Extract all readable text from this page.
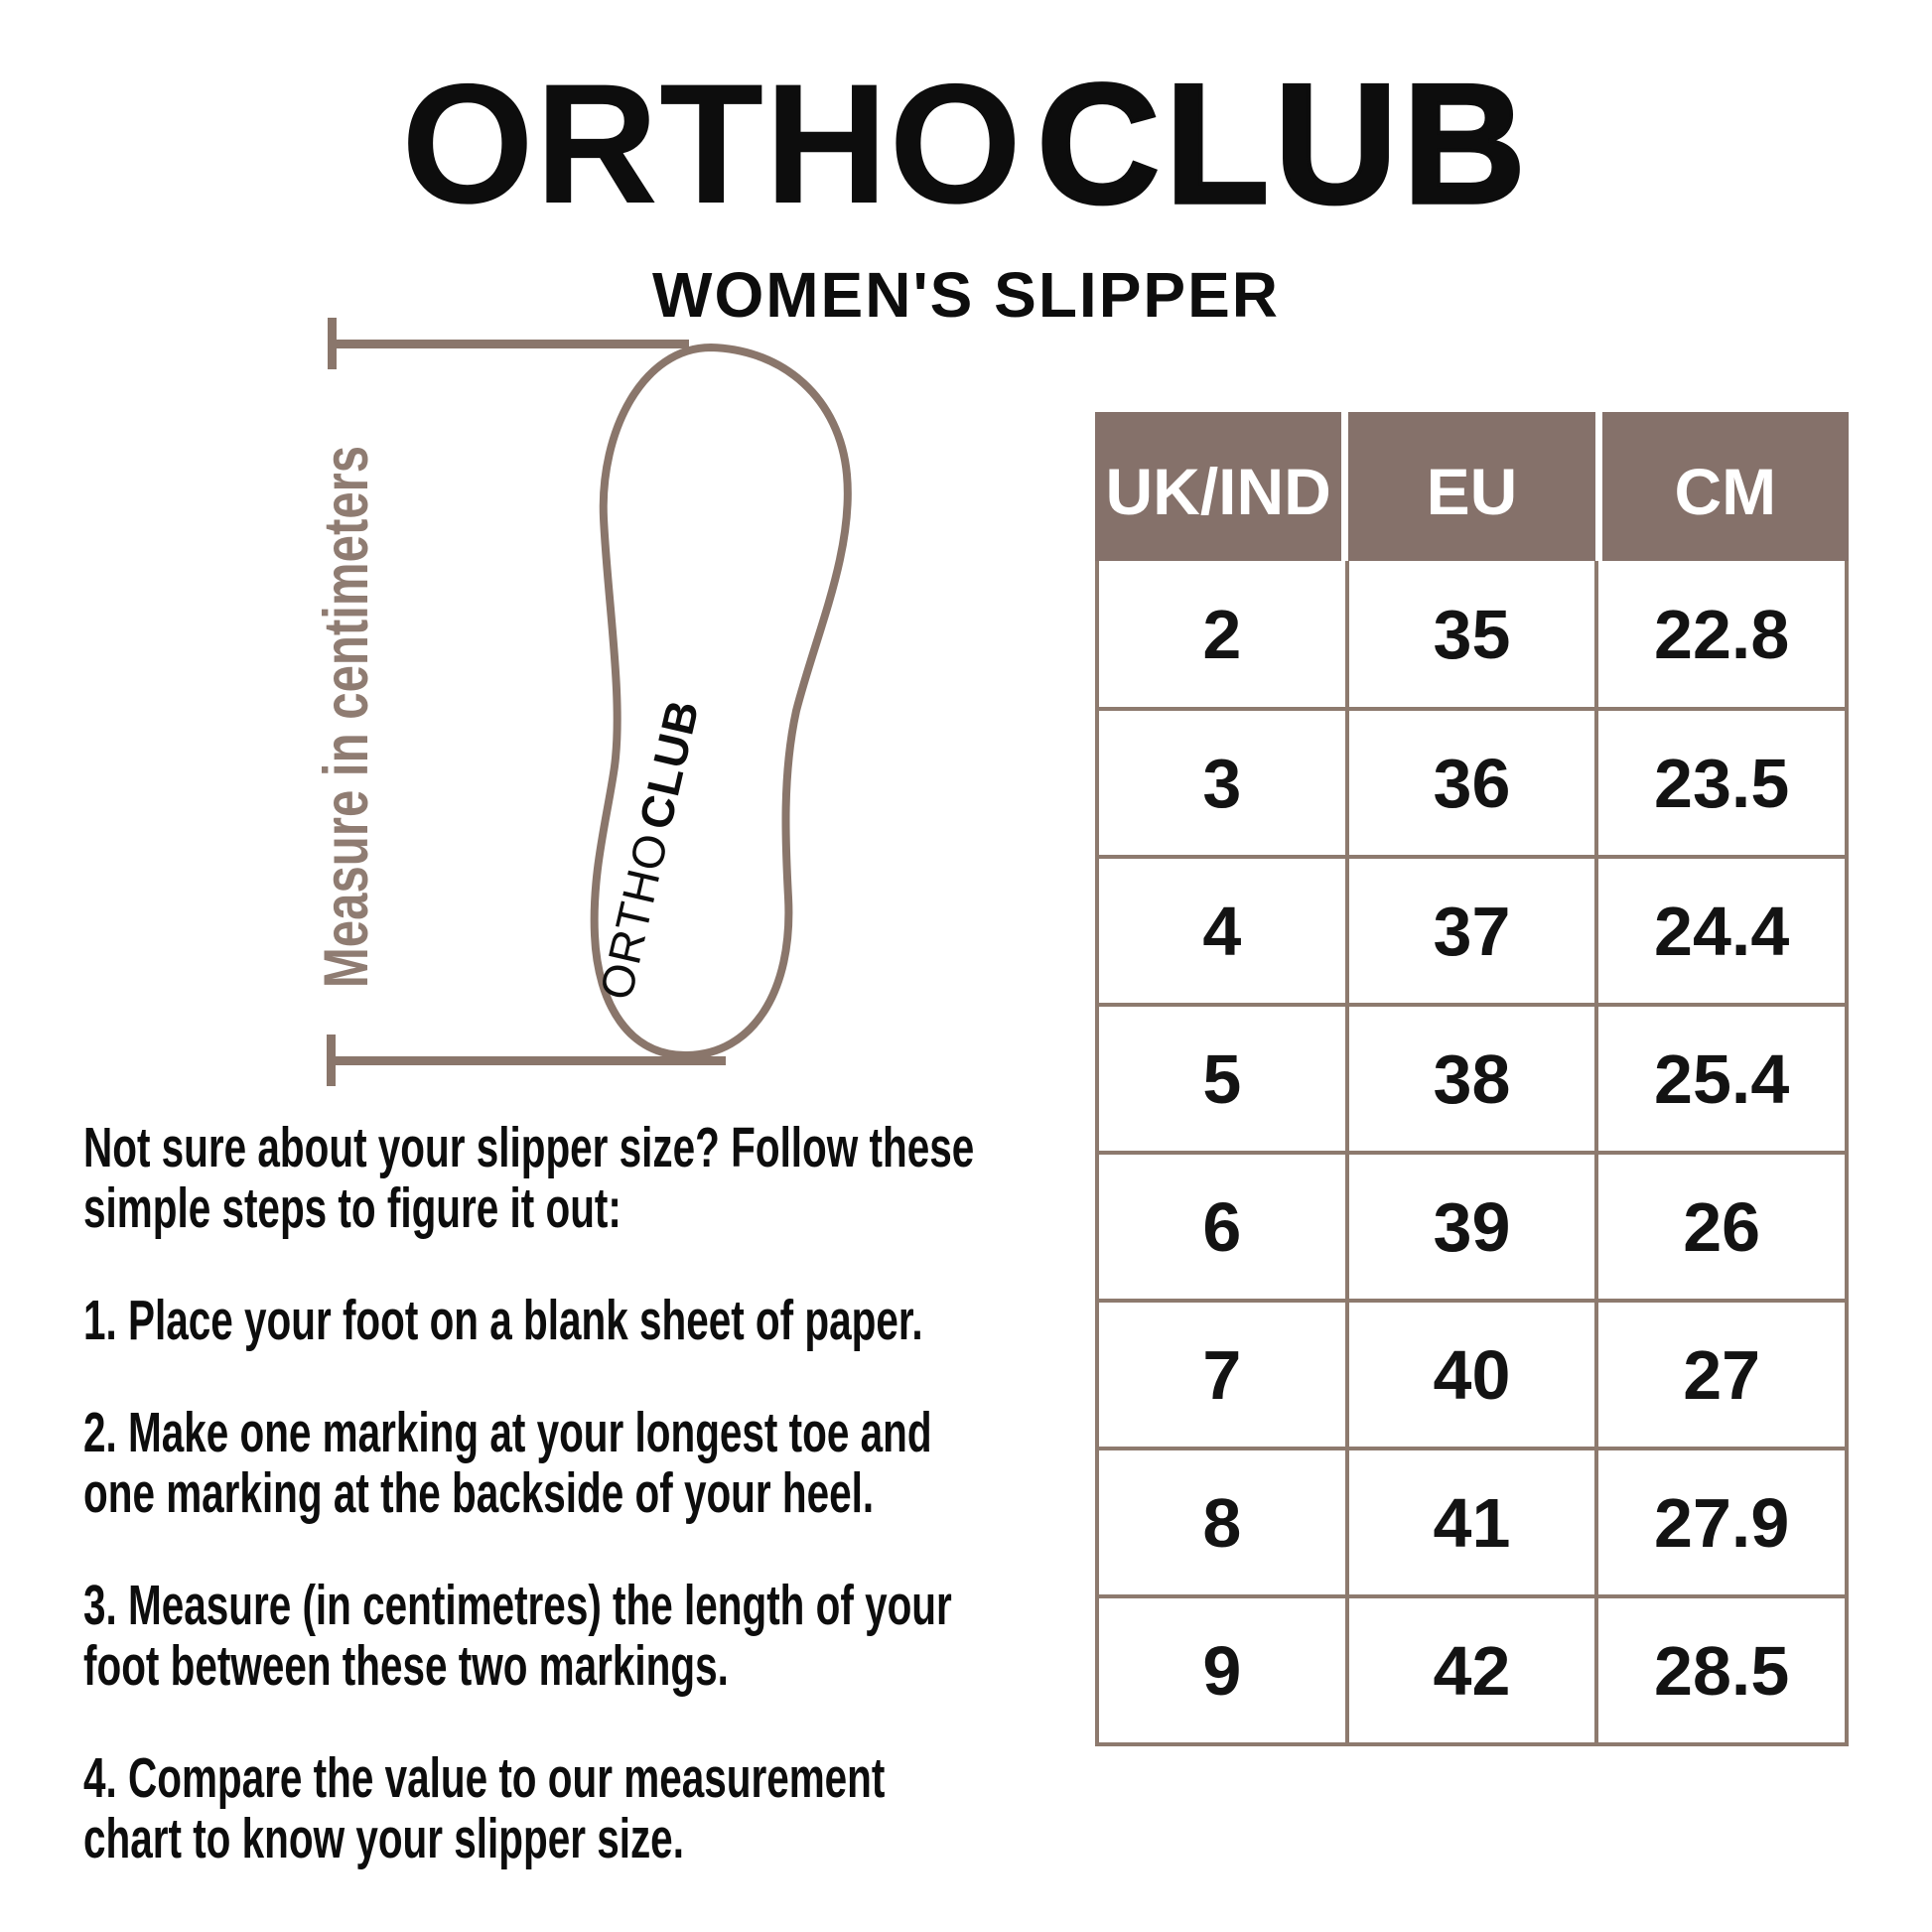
ORTHOCLUB
WOMEN'S SLIPPER
Measure in centimeters	ORTHOCLUB
Not sure about your slipper size? Follow these
simple steps to figure it out:
1. Place your foot on a blank sheet of paper.
2. Make one marking at your longest toe and
one marking at the backside of your heel.
3. Measure (in centimetres) the length of your
foot between these two markings.
4. Compare the value to our measurement
chart to know your slipper size.
UK/IND	EU	CM
2	35	22.8
3	36	23.5
4	37	24.4
5	38	25.4
6	39	26
7	40	27
8	41	27.9
9	42	28.5
